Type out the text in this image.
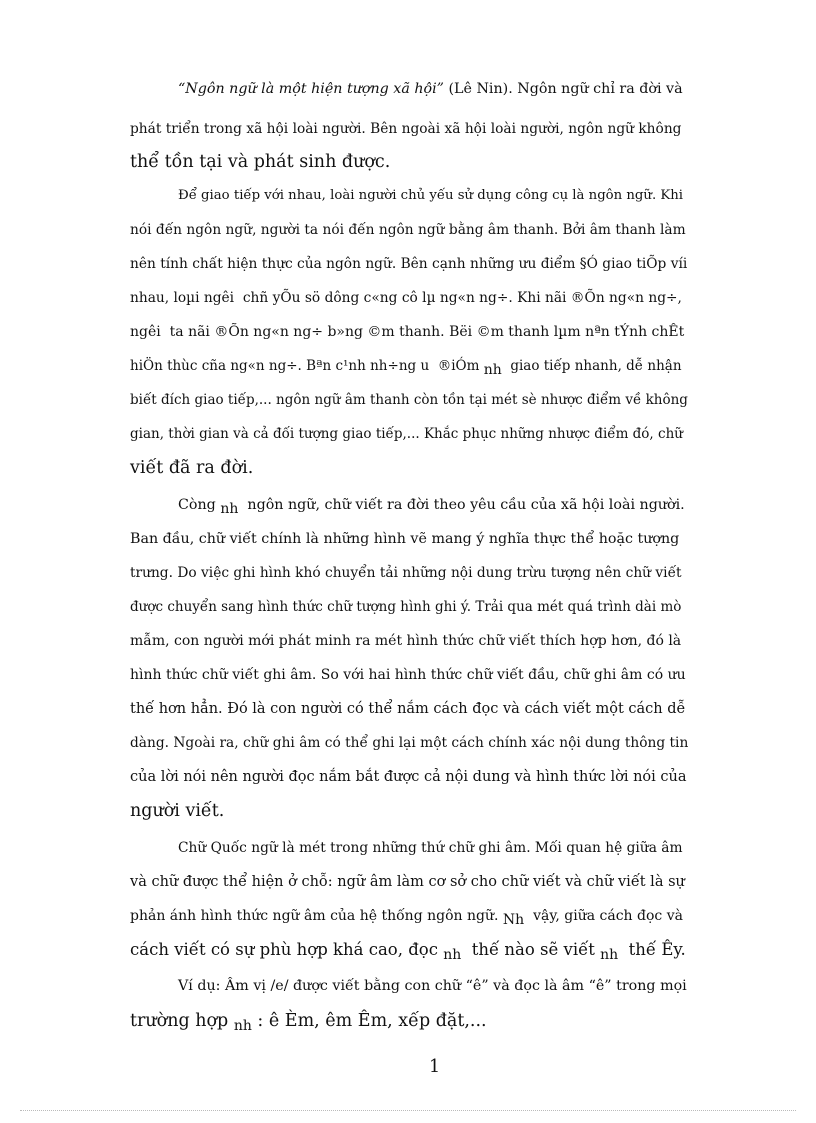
“Ngôn ngữ là một hiện tượng xã hội” (Lê Nin). Ngôn ngữ chỉ ra đời và
phát triển trong xã hội loài người. Bên ngoài xã hội loài người, ngôn ngữ không
thể tồn tại và phát sinh được.
Để giao tiếp với nhau, loài người chủ yếu sử dụng công cụ là ngôn ngữ. Khi
nói đến ngôn ngữ, người ta nói đến ngôn ngữ bằng âm thanh. Bởi âm thanh làm
nên tính chất hiện thực của ngôn ngữ. Bên cạnh những ưu điểm §Ó giao tiÕp víi
nhau, loµi ngêi  chñ yÕu sö dông c«ng cô lµ ng«n ng÷. Khi nãi ®Õn ng«n ng÷,
ngêi  ta nãi ®Õn ng«n ng÷ b»ng ©m thanh. Bëi ©m thanh lµm nªn tÝnh chÊt
hiÖn thùc cña ng«n ng÷. Bªn c¹nh nh÷ng u  ®iÓm nh  giao tiếp nhanh, dễ nhận
biết đích giao tiếp,... ngôn ngữ âm thanh còn tồn tại mét sè nhược điểm về không
gian, thời gian và cả đối tượng giao tiếp,... Khắc phục những nhược điểm đó, chữ
viết đã ra đời.
Còng nh  ngôn ngữ, chữ viết ra đời theo yêu cầu của xã hội loài người.
Ban đầu, chữ viết chính là những hình vẽ mang ý nghĩa thực thể hoặc tượng
trưng. Do việc ghi hình khó chuyển tải những nội dung trừu tượng nên chữ viết
được chuyển sang hình thức chữ tượng hình ghi ý. Trải qua mét quá trình dài mò
mẫm, con người mới phát minh ra mét hình thức chữ viết thích hợp hơn, đó là
hình thức chữ viết ghi âm. So với hai hình thức chữ viết đầu, chữ ghi âm có ưu
thế hơn hẳn. Đó là con người có thể nắm cách đọc và cách viết một cách dễ
dàng. Ngoài ra, chữ ghi âm có thể ghi lại một cách chính xác nội dung thông tin
của lời nói nên người đọc nắm bắt được cả nội dung và hình thức lời nói của
người viết.
Chữ Quốc ngữ là mét trong những thứ chữ ghi âm. Mối quan hệ giữa âm
và chữ được thể hiện ở chỗ: ngữ âm làm cơ sở cho chữ viết và chữ viết là sự
phản ánh hình thức ngữ âm của hệ thống ngôn ngữ. Nh  vậy, giữa cách đọc và
cách viết có sự phù hợp khá cao, đọc $_{nh}$  thế nào sẽ viết $_{nh}$  thế Êy.
Ví dụ: Âm vị /e/ được viết bằng con chữ “ê” và đọc là âm “ê” trong mọi
trường hợp $_{nh}$ : ê Èm, êm Êm, xếp đặt,...
1
